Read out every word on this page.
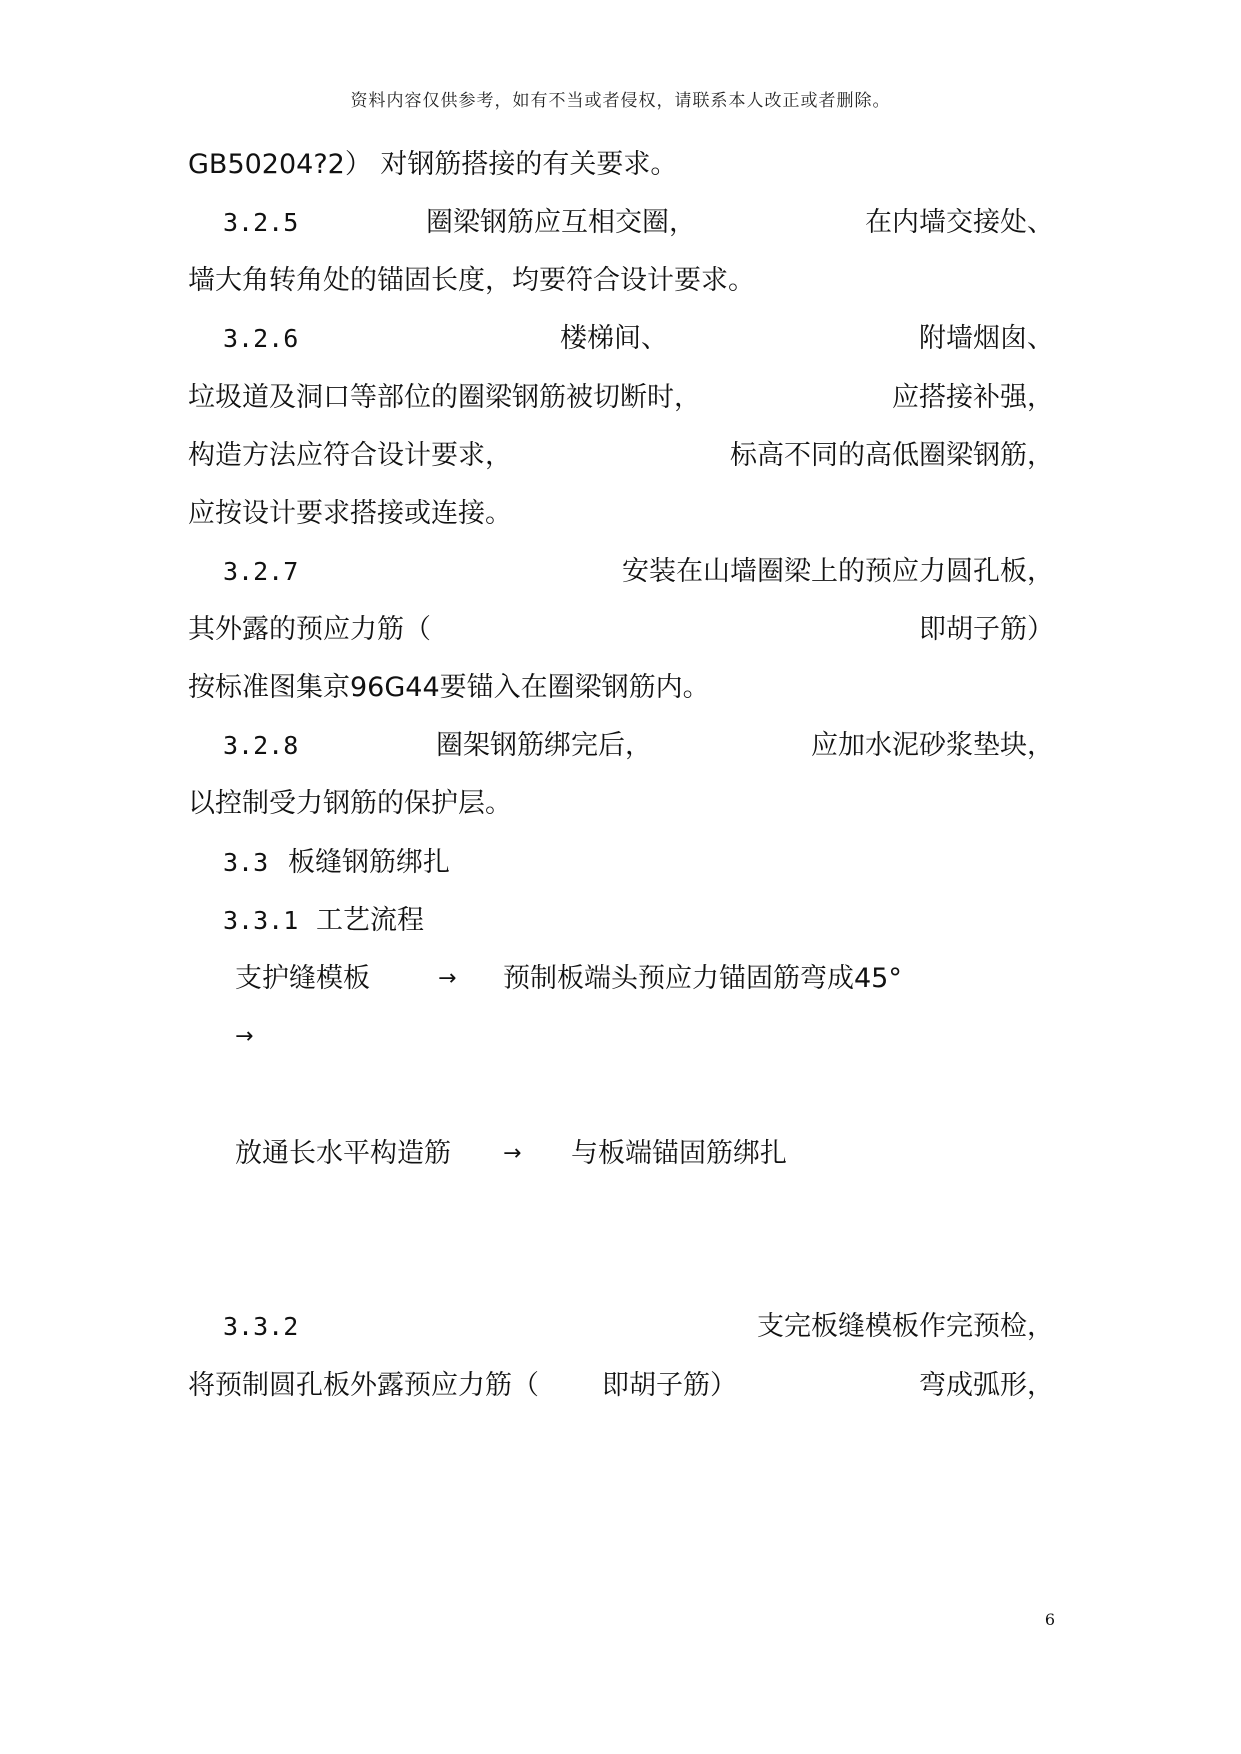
资料内容仅供参考，如有不当或者侵权，请联系本人改正或者删除。
GB50204?2） 对钢筋搭接的有关要求。
3.2.5	圈梁钢筋应互相交圈，	在内墙交接处、
墙大角转角处的锚固长度，均要符合设计要求。
3.2.6	楼梯间、	附墙烟囱、
垃圾道及洞口等部位的圈梁钢筋被切断时，	应搭接补强，
构造方法应符合设计要求，	标高不同的高低圈梁钢筋，
应按设计要求搭接或连接。
3.2.7	安装在山墙圈梁上的预应力圆孔板，
其外露的预应力筋（	即胡子筋）
按标准图集京96G44要锚入在圈梁钢筋内。
3.2.8	圈架钢筋绑完后，	应加水泥砂浆垫块，
以控制受力钢筋的保护层。
3.3 板缝钢筋绑扎
3.3.1 工艺流程
支护缝模板	→ 预制板端头预应力锚固筋弯成45°
→
放通长水平构造筋 → 与板端锚固筋绑扎
3.3.2	支完板缝模板作完预检，
将预制圆孔板外露预应力筋（ 即胡子筋）	弯成弧形，
6
